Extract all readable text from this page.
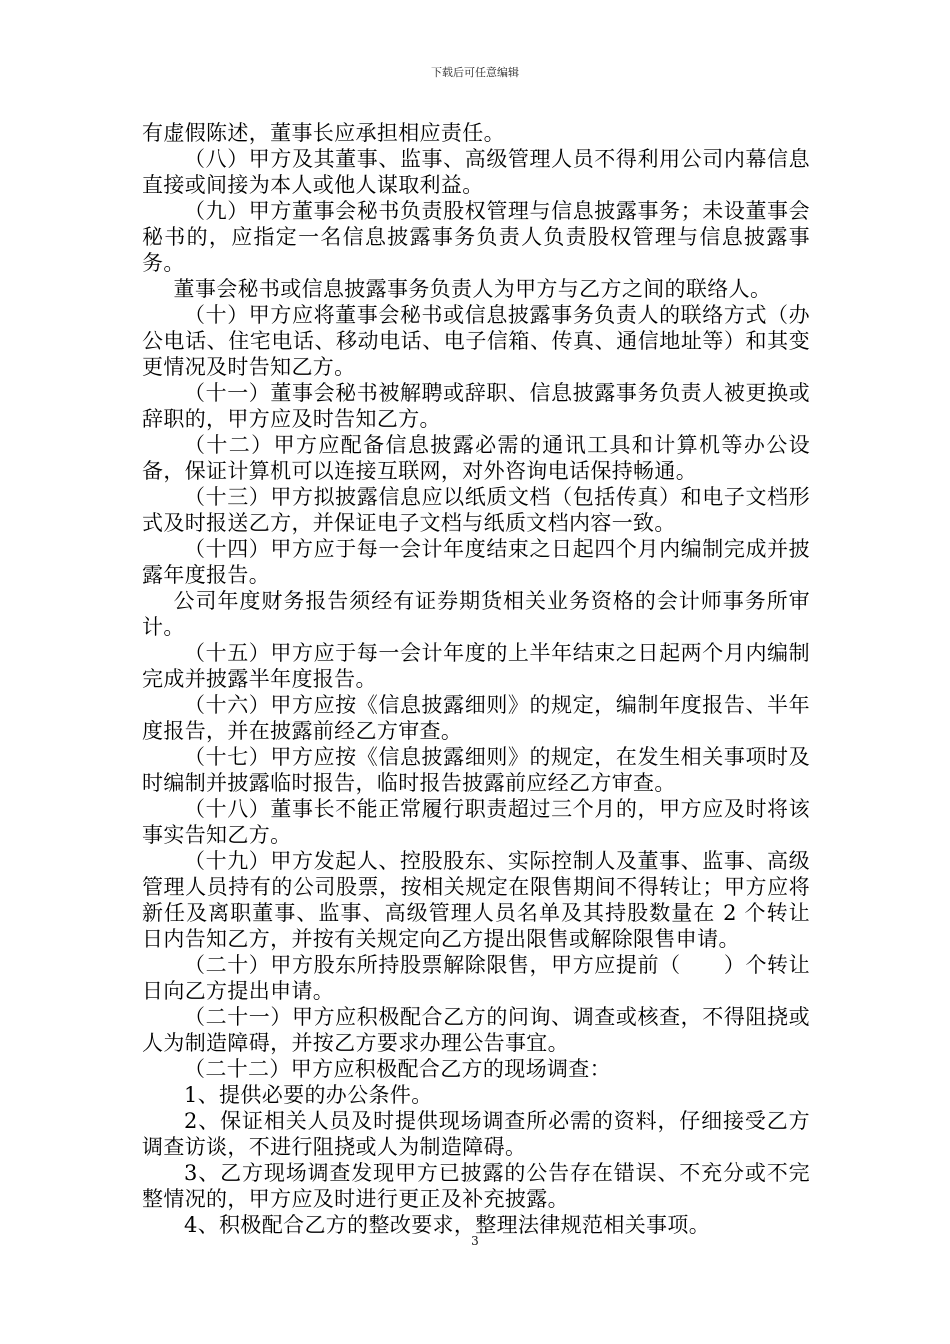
下载后可任意编辑

有虚假陈述，董事长应承担相应责任。

（八）甲方及其董事、监事、高级管理人员不得利用公司内幕信息直接或间接为本人或他人谋取利益。

（九）甲方董事会秘书负责股权管理与信息披露事务；未设董事会秘书的，应指定一名信息披露事务负责人负责股权管理与信息披露事务。

董事会秘书或信息披露事务负责人为甲方与乙方之间的联络人。

（十）甲方应将董事会秘书或信息披露事务负责人的联络方式（办公电话、住宅电话、移动电话、电子信箱、传真、通信地址等）和其变更情况及时告知乙方。

（十一）董事会秘书被解聘或辞职、信息披露事务负责人被更换或辞职的，甲方应及时告知乙方。

（十二）甲方应配备信息披露必需的通讯工具和计算机等办公设备，保证计算机可以连接互联网，对外咨询电话保持畅通。

（十三）甲方拟披露信息应以纸质文档（包括传真）和电子文档形式及时报送乙方，并保证电子文档与纸质文档内容一致。

（十四）甲方应于每一会计年度结束之日起四个月内编制完成并披露年度报告。

公司年度财务报告须经有证券期货相关业务资格的会计师事务所审计。

（十五）甲方应于每一会计年度的上半年结束之日起两个月内编制完成并披露半年度报告。

（十六）甲方应按《信息披露细则》的规定，编制年度报告、半年度报告，并在披露前经乙方审查。

（十七）甲方应按《信息披露细则》的规定，在发生相关事项时及时编制并披露临时报告，临时报告披露前应经乙方审查。

（十八）董事长不能正常履行职责超过三个月的，甲方应及时将该事实告知乙方。

（十九）甲方发起人、控股股东、实际控制人及董事、监事、高级管理人员持有的公司股票，按相关规定在限售期间不得转让；甲方应将新任及离职董事、监事、高级管理人员名单及其持股数量在 2 个转让日内告知乙方，并按有关规定向乙方提出限售或解除限售申请。

（二十）甲方股东所持股票解除限售，甲方应提前（　　）个转让日向乙方提出申请。

（二十一）甲方应积极配合乙方的问询、调查或核查，不得阻挠或人为制造障碍，并按乙方要求办理公告事宜。

（二十二）甲方应积极配合乙方的现场调查：

1、提供必要的办公条件。

2、保证相关人员及时提供现场调查所必需的资料，仔细接受乙方调查访谈，不进行阻挠或人为制造障碍。

3、乙方现场调查发现甲方已披露的公告存在错误、不充分或不完整情况的，甲方应及时进行更正及补充披露。

4、积极配合乙方的整改要求，整理法律规范相关事项。

3
